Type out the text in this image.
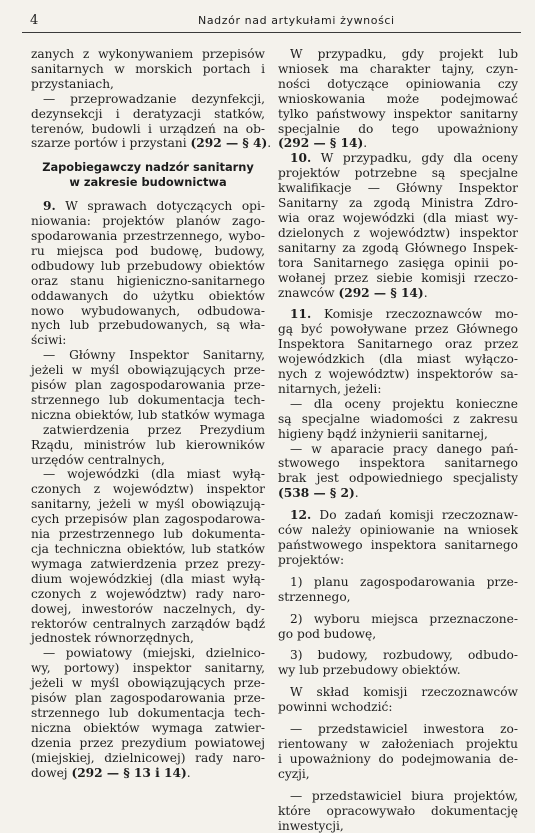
4	Nadzór nad artykułami żywności
zanych z wykonywaniem przepisów
sanitarnych w morskich portach i
przystaniach,
— przeprowadzanie dezynfekcji,
dezynsekcji i deratyzacji statków,
terenów, budowli i urządzeń na ob-
szarze portów i przystani (292 — § 4).
Zapobiegawczy nadzór sanitarny
w zakresie budownictwa
9. W sprawach dotyczących opi-
niowania: projektów planów zago-
spodarowania przestrzennego, wybo-
ru miejsca pod budowę, budowy,
odbudowy lub przebudowy obiektów
oraz stanu higieniczno-sanitarnego
oddawanych do użytku obiektów
nowo wybudowanych, odbudowa-
nych lub przebudowanych, są wła-
ściwi:
— Główny Inspektor Sanitarny,
jeżeli w myśl obowiązujących prze-
pisów plan zagospodarowania prze-
strzennego lub dokumentacja tech-
niczna obiektów, lub statków wymaga
zatwierdzenia przez Prezydium
Rządu, ministrów lub kierowników
urzędów centralnych,
— wojewódzki (dla miast wyłą-
czonych z województw) inspektor
sanitarny, jeżeli w myśl obowiązują-
cych przepisów plan zagospodarowa-
nia przestrzennego lub dokumenta-
cja techniczna obiektów, lub statków
wymaga zatwierdzenia przez prezy-
dium wojewódzkiej (dla miast wyłą-
czonych z województw) rady naro-
dowej, inwestorów naczelnych, dy-
rektorów centralnych zarządów bądź
jednostek równorzędnych,
— powiatowy (miejski, dzielnico-
wy, portowy) inspektor sanitarny,
jeżeli w myśl obowiązujących prze-
pisów plan zagospodarowania prze-
strzennego lub dokumentacja tech-
niczna obiektów wymaga zatwier-
dzenia przez prezydium powiatowej
(miejskiej, dzielnicowej) rady naro-
dowej (292 — § 13 i 14).
W przypadku, gdy projekt lub
wniosek ma charakter tajny, czyn-
ności dotyczące opiniowania czy
wnioskowania może podejmować
tylko państwowy inspektor sanitarny
specjalnie do tego upoważniony
(292 — § 14).
10. W przypadku, gdy dla oceny
projektów potrzebne są specjalne
kwalifikacje — Główny Inspektor
Sanitarny za zgodą Ministra Zdro-
wia oraz wojewódzki (dla miast wy-
dzielonych z województw) inspektor
sanitarny za zgodą Głównego Inspek-
tora Sanitarnego zasięga opinii po-
wołanej przez siebie komisji rzeczo-
znawców (292 — § 14).
11. Komisje rzeczoznawców mo-
gą być powoływane przez Głównego
Inspektora Sanitarnego oraz przez
wojewódzkich (dla miast wyłączo-
nych z województw) inspektorów sa-
nitarnych, jeżeli:
— dla oceny projektu konieczne
są specjalne wiadomości z zakresu
higieny bądź inżynierii sanitarnej,
— w aparacie pracy danego pań-
stwowego inspektora sanitarnego
brak jest odpowiedniego specjalisty
(538 — § 2).
12. Do zadań komisji rzeczoznaw-
ców należy opiniowanie na wniosek
państwowego inspektora sanitarnego
projektów:
1) planu zagospodarowania prze-
strzennego,
2) wyboru miejsca przeznaczone-
go pod budowę,
3) budowy, rozbudowy, odbudo-
wy lub przebudowy obiektów.
W skład komisji rzeczoznawców
powinni wchodzić:
— przedstawiciel inwestora zo-
rientowany w założeniach projektu
i upoważniony do podejmowania de-
cyzji,
— przedstawiciel biura projektów,
które opracowywało dokumentację
inwestycji,
